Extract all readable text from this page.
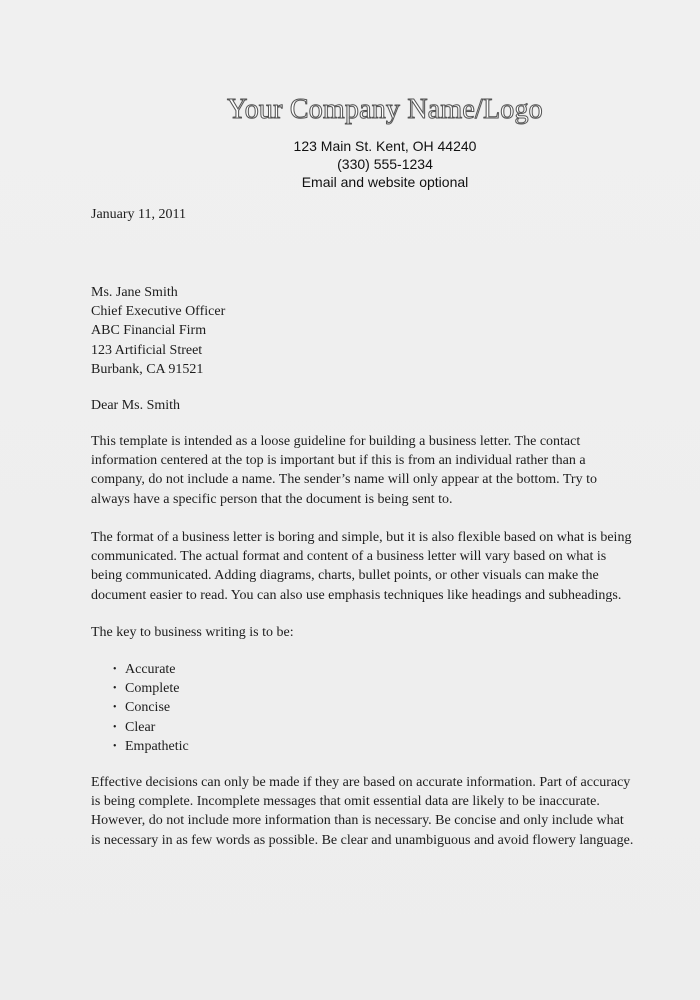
Your Company Name/Logo
123 Main St. Kent, OH 44240
(330) 555-1234
Email and website optional
January 11, 2011
Ms. Jane Smith
Chief Executive Officer
ABC Financial Firm
123 Artificial Street
Burbank, CA 91521
Dear Ms. Smith

This template is intended as a loose guideline for building a business letter. The contact
information centered at the top is important but if this is from an individual rather than a
company, do not include a name. The sender’s name will only appear at the bottom. Try to
always have a specific person that the document is being sent to.

The format of a business letter is boring and simple, but it is also flexible based on what is being
communicated. The actual format and content of a business letter will vary based on what is
being communicated. Adding diagrams, charts, bullet points, or other visuals can make the
document easier to read. You can also use emphasis techniques like headings and subheadings.

The key to business writing is to be:

• Accurate
• Complete
• Concise
• Clear
• Empathetic

Effective decisions can only be made if they are based on accurate information. Part of accuracy
is being complete. Incomplete messages that omit essential data are likely to be inaccurate.
However, do not include more information than is necessary. Be concise and only include what
is necessary in as few words as possible. Be clear and unambiguous and avoid flowery language.
